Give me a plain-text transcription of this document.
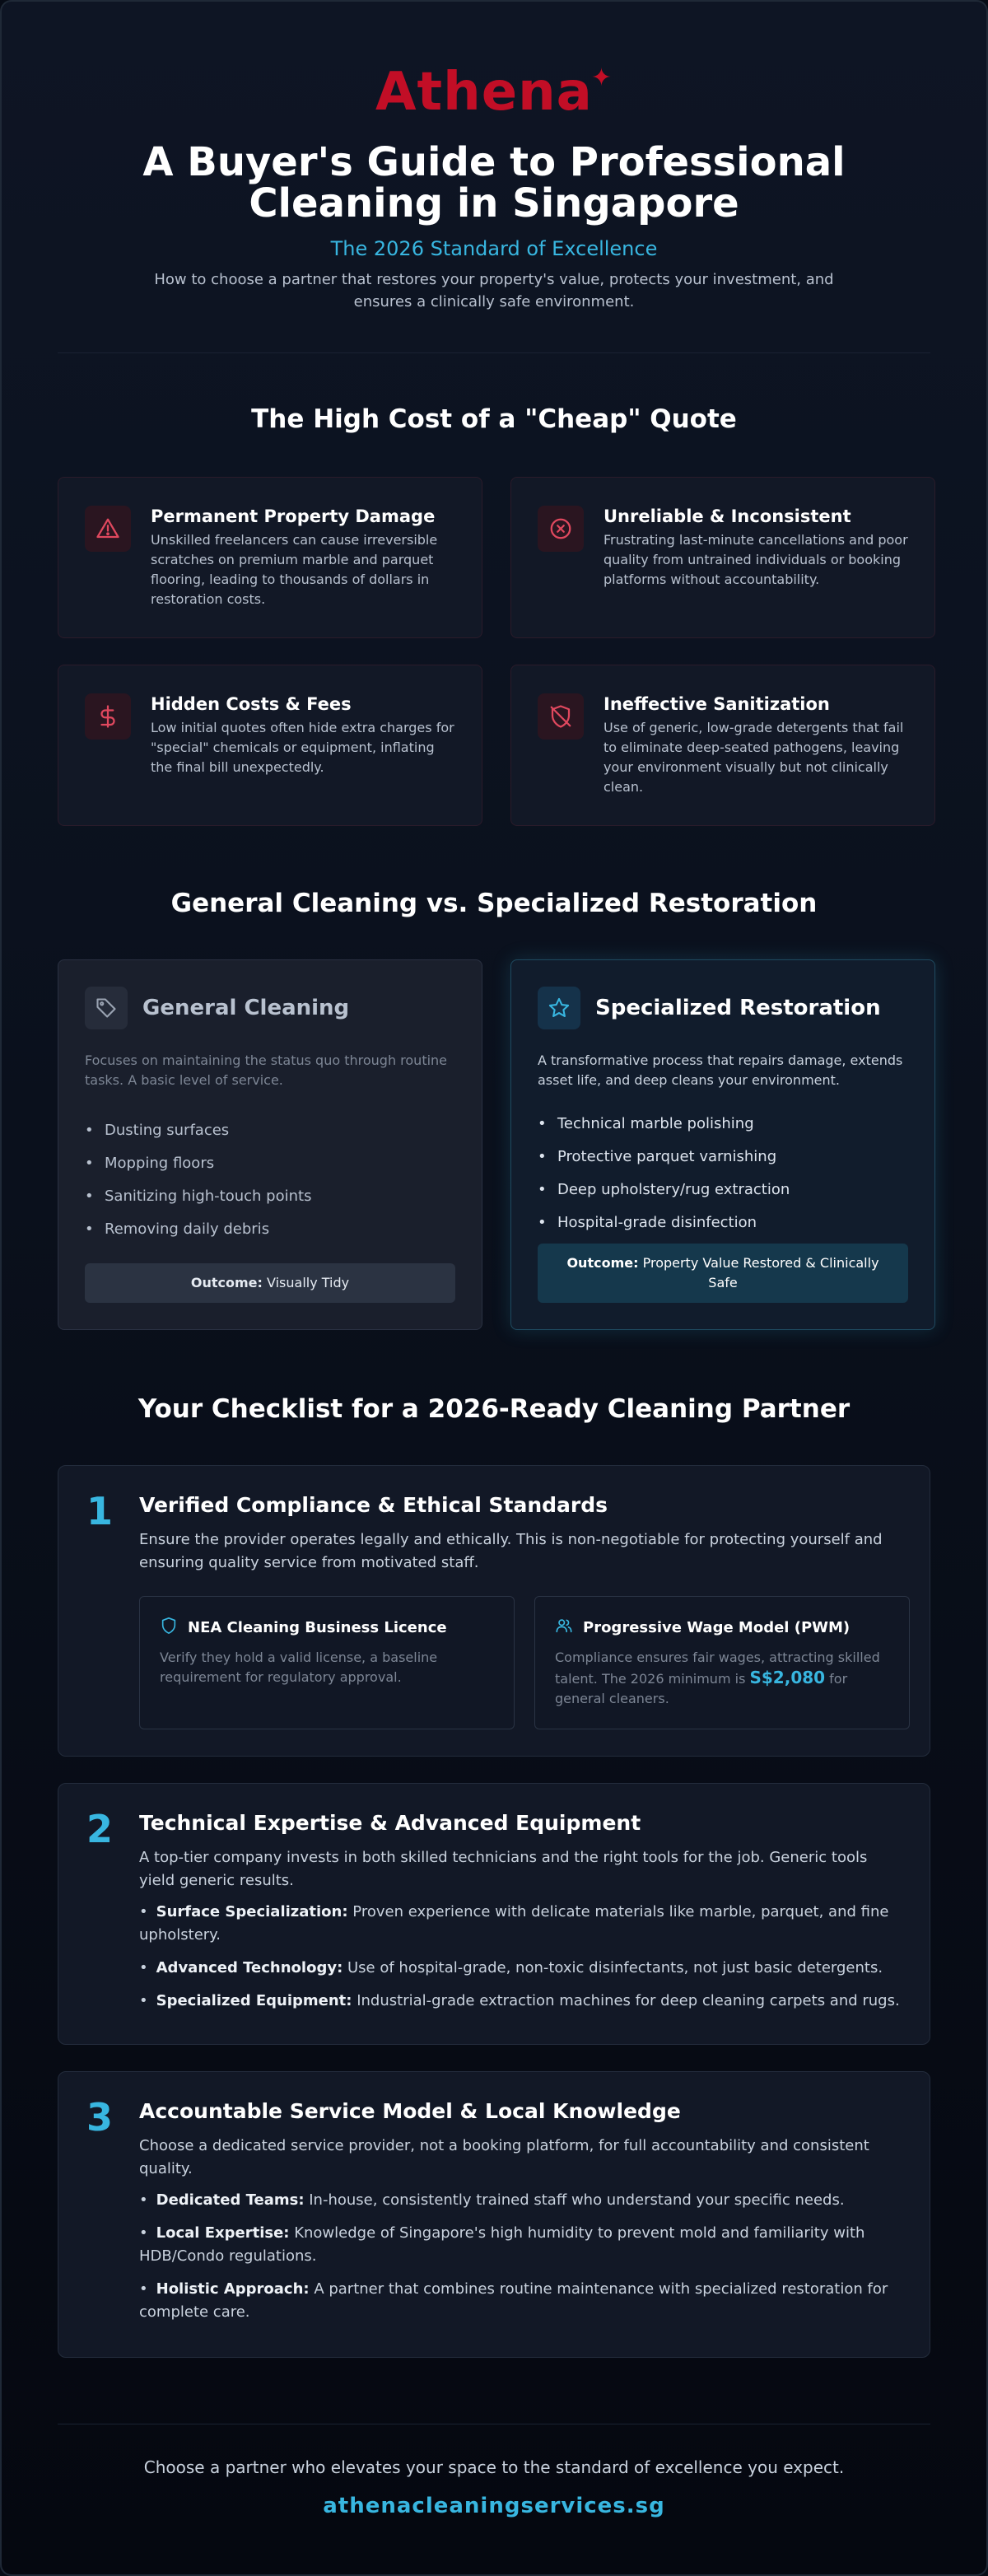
Athena
✦
A Buyer's Guide to Professional Cleaning in Singapore
The 2026 Standard of Excellence

How to choose a partner that restores your property's value, protects your investment, and ensures a clinically safe environment.

The High Cost of a "Cheap" Quote
Permanent Property Damage
Unskilled freelancers can cause irreversible scratches on premium marble and parquet flooring, leading to thousands of dollars in restoration costs.
Unreliable & Inconsistent
Frustrating last-minute cancellations and poor quality from untrained individuals or booking platforms without accountability.
Hidden Costs & Fees
Low initial quotes often hide extra charges for "special" chemicals or equipment, inflating the final bill unexpectedly.
Ineffective Sanitization
Use of generic, low-grade detergents that fail to eliminate deep-seated pathogens, leaving your environment visually but not clinically clean.
General Cleaning vs. Specialized Restoration
General Cleaning
Focuses on maintaining the status quo through routine tasks. A basic level of service.
• Dusting surfaces
• Mopping floors
• Sanitizing high-touch points
• Removing daily debris
Outcome: Visually Tidy
Specialized Restoration
A transformative process that repairs damage, extends asset life, and deep cleans your environment.
• Technical marble polishing
• Protective parquet varnishing
• Deep upholstery/rug extraction
• Hospital-grade disinfection
Outcome: Property Value Restored & Clinically Safe
Your Checklist for a 2026-Ready Cleaning Partner
1 Verified Compliance & Ethical Standards
Ensure the provider operates legally and ethically. This is non-negotiable for protecting yourself and ensuring quality service from motivated staff.
NEA Cleaning Business Licence
Verify they hold a valid license, a baseline requirement for regulatory approval.
Progressive Wage Model (PWM)
Compliance ensures fair wages, attracting skilled talent. The 2026 minimum is S$2,080 for general cleaners.
2 Technical Expertise & Advanced Equipment
A top-tier company invests in both skilled technicians and the right tools for the job. Generic tools yield generic results.
• Surface Specialization: Proven experience with delicate materials like marble, parquet, and fine upholstery.
• Advanced Technology: Use of hospital-grade, non-toxic disinfectants, not just basic detergents.
• Specialized Equipment: Industrial-grade extraction machines for deep cleaning carpets and rugs.
3 Accountable Service Model & Local Knowledge
Choose a dedicated service provider, not a booking platform, for full accountability and consistent quality.
• Dedicated Teams: In-house, consistently trained staff who understand your specific needs.
• Local Expertise: Knowledge of Singapore's high humidity to prevent mold and familiarity with HDB/Condo regulations.
• Holistic Approach: A partner that combines routine maintenance with specialized restoration for complete care.
Choose a partner who elevates your space to the standard of excellence you expect.
athenacleaningservices.sg
